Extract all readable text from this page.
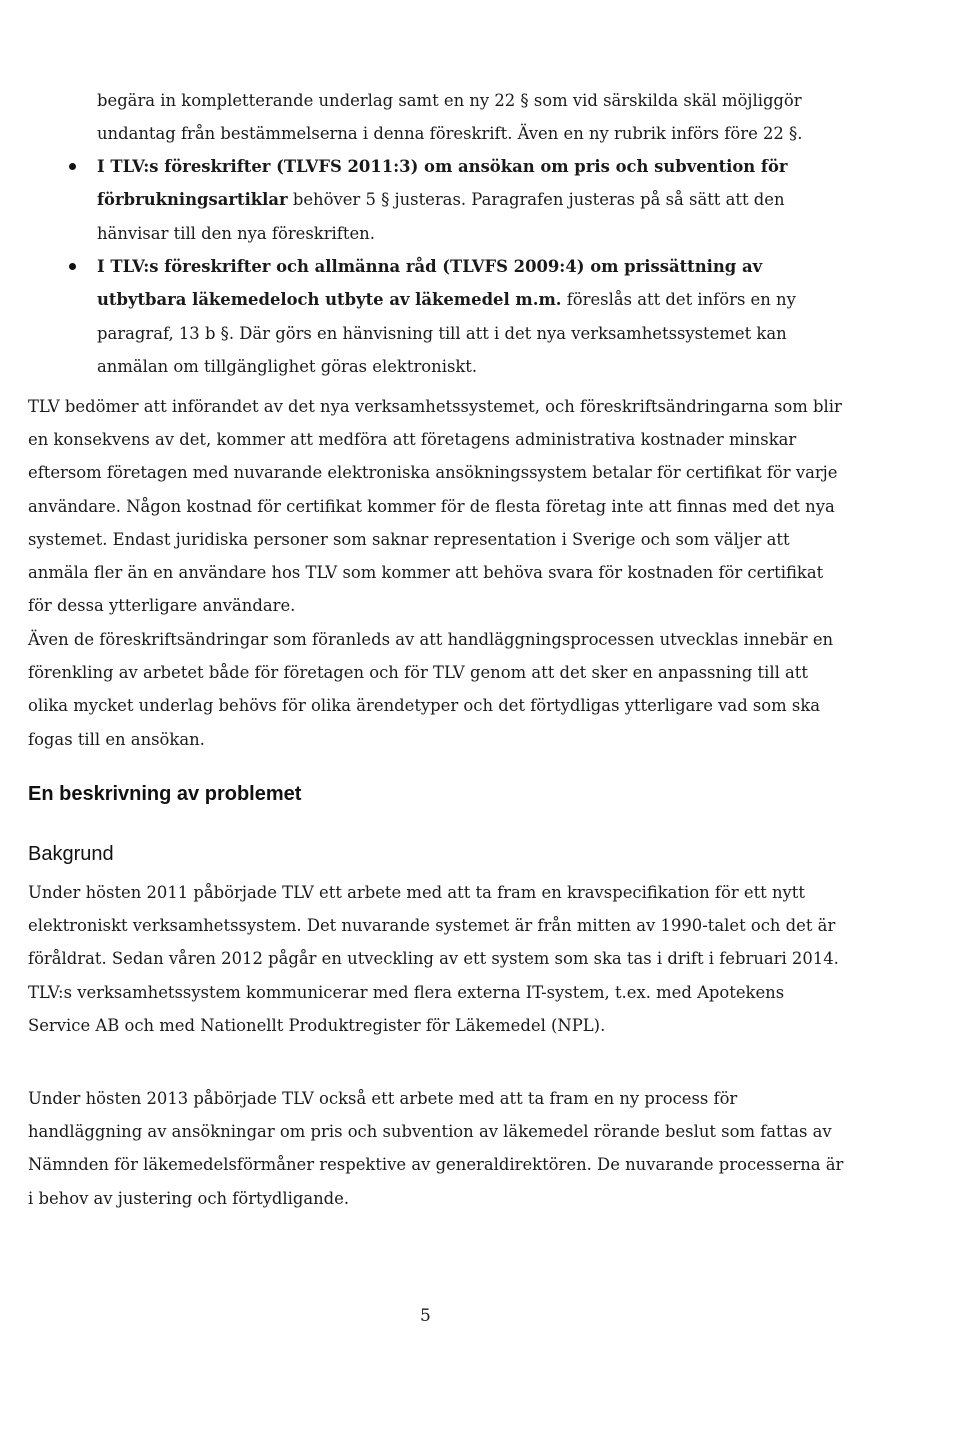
begära in kompletterande underlag samt en ny 22 § som vid särskilda skäl möjliggör
undantag från bestämmelserna i denna föreskrift. Även en ny rubrik införs före 22 §.

I TLV:s föreskrifter (TLVFS 2011:3) om ansökan om pris och subvention för förbrukningsartiklar behöver 5 § justeras. Paragrafen justeras på så sätt att den hänvisar till den nya föreskriften.

I TLV:s föreskrifter och allmänna råd (TLVFS 2009:4) om prissättning av utbytbara läkemedeloch utbyte av läkemedel m.m. föreslås att det införs en ny paragraf, 13 b §. Där görs en hänvisning till att i det nya verksamhetssystemet kan anmälan om tillgänglighet göras elektroniskt.

TLV bedömer att införandet av det nya verksamhetssystemet, och föreskriftsändringarna som blir en konsekvens av det, kommer att medföra att företagens administrativa kostnader minskar eftersom företagen med nuvarande elektroniska ansökningssystem betalar för certifikat för varje användare. Någon kostnad för certifikat kommer för de flesta företag inte att finnas med det nya systemet. Endast juridiska personer som saknar representation i Sverige och som väljer att anmäla fler än en användare hos TLV som kommer att behöva svara för kostnaden för certifikat för dessa ytterligare användare.

Även de föreskriftsändringar som föranleds av att handläggningsprocessen utvecklas innebär en förenkling av arbetet både för företagen och för TLV genom att det sker en anpassning till att olika mycket underlag behövs för olika ärendetyper och det förtydligas ytterligare vad som ska fogas till en ansökan.

En beskrivning av problemet
Bakgrund

Under hösten 2011 påbörjade TLV ett arbete med att ta fram en kravspecifikation för ett nytt elektroniskt verksamhetssystem. Det nuvarande systemet är från mitten av 1990-talet och det är föråldrat. Sedan våren 2012 pågår en utveckling av ett system som ska tas i drift i februari 2014. TLV:s verksamhetssystem kommunicerar med flera externa IT-system, t.ex. med Apotekens Service AB och med Nationellt Produktregister för Läkemedel (NPL).

Under hösten 2013 påbörjade TLV också ett arbete med att ta fram en ny process för handläggning av ansökningar om pris och subvention av läkemedel rörande beslut som fattas av Nämnden för läkemedelsförmåner respektive av generaldirektören. De nuvarande processerna är i behov av justering och förtydligande.

5
